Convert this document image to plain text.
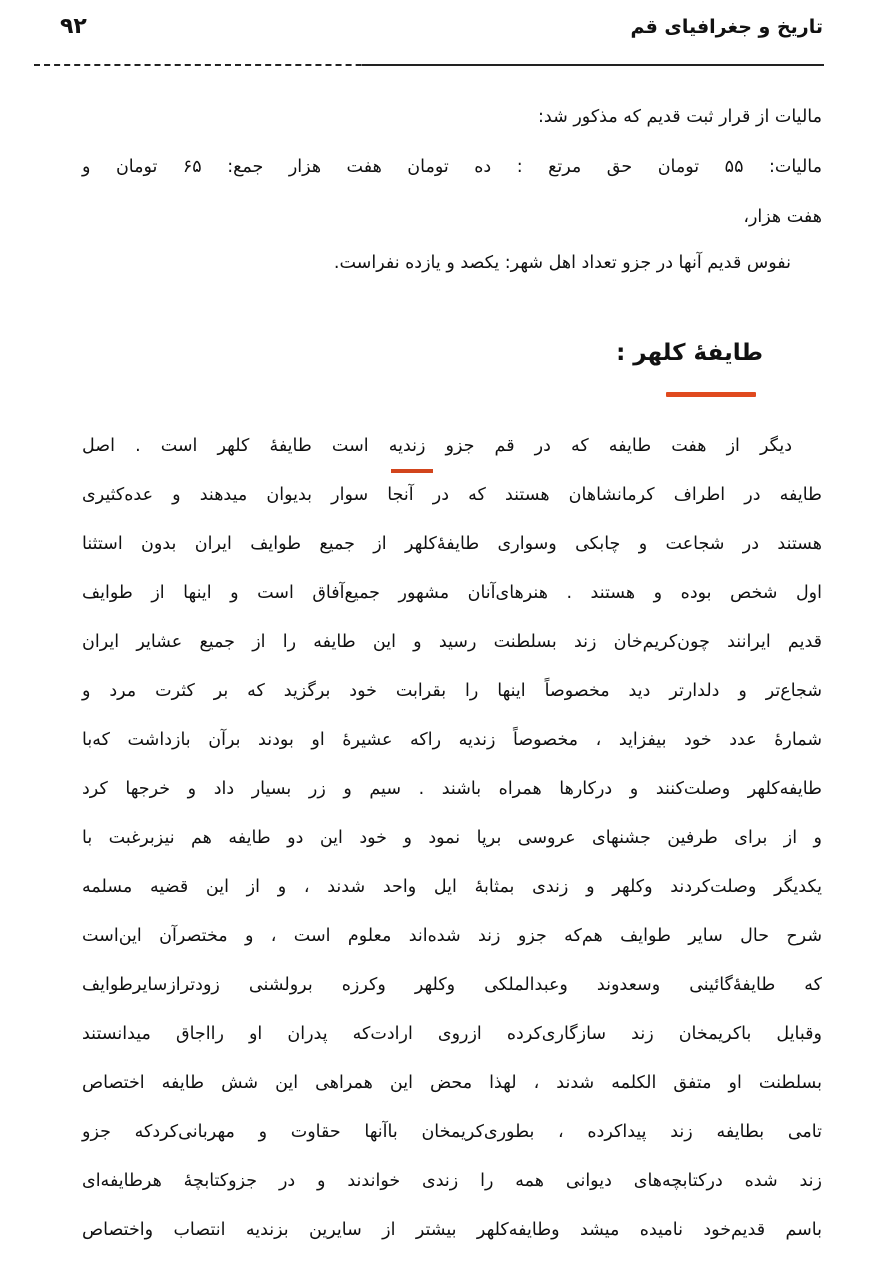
تاریخ و جغرافیای قم
۹۲
مالیات از قرار ثبت قدیم که مذکور شد:
مالیات: ۵۵ تومان حق مرتع : ده تومان هفت هزار جمع: ۶۵ تومان و
هفت هزار،
نفوس قدیم آنها در جزو تعداد اهل شهر: یکصد و یازده نفراست.
طایفهٔ کلهر :
دیگر از هفت طایفه که در قم جزو زندیه است طایفهٔ کلهر است . اصل
طایفه در اطراف کرمانشاهان هستند که در آنجا سوار بدیوان میدهند و عده‌کثیری
هستند در شجاعت و چابکی وسواری طایفهٔ‌کلهر از جمیع طوایف ایران بدون استثنا
اول شخص بوده و هستند . هنرهای‌آنان مشهور جمیع‌آفاق است و اینها از طوایف
قدیم ایرانند چون‌کریم‌خان زند بسلطنت رسید و این طایفه را از جمیع عشایر ایران
شجاع‌تر و دلدارتر دید مخصوصاً اینها را بقرابت خود برگزید که بر کثرت مرد و
شمارهٔ عدد خود بیفزاید ، مخصوصاً زندیه راکه عشیرهٔ او بودند برآن بازداشت که‌با
طایفه‌کلهر وصلت‌کنند و درکارها همراه باشند . سیم و زر بسیار داد و خرجها کرد
و از برای طرفین جشنهای عروسی برپا نمود و خود این دو طایفه هم نیزبرغبت با
یکدیگر وصلت‌کردند وکلهر و زندی بمثابهٔ ایل واحد شدند ، و از این قضیه مسلمه
شرح حال سایر طوایف هم‌که جزو زند شده‌اند معلوم است ، و مختصرآن این‌است
که طایفهٔ‌گائینی وسعدوند وعبدالملکی وکلهر وکرزه برولشنی زودترازسایرطوایف
وقبایل باکریمخان زند سازگاری‌کرده ازروی ارادت‌که پدران او رااجاق میدانستند
بسلطنت او متفق الکلمه شدند ، لهذا محض این همراهی این شش طایفه اختصاص
تامی بطایفه زند پیداکرده ، بطوری‌کریمخان باآنها حقاوت و مهربانی‌کرد‌که جزو
زند شده درکتابچه‌های دیوانی همه را زندی خواندند و در جزوکتابچهٔ هرطایفه‌ای
باسم قدیم‌خود نامیده میشد وطایفه‌کلهر بیشتر از سایرین بزندیه انتصاب واختصاص
